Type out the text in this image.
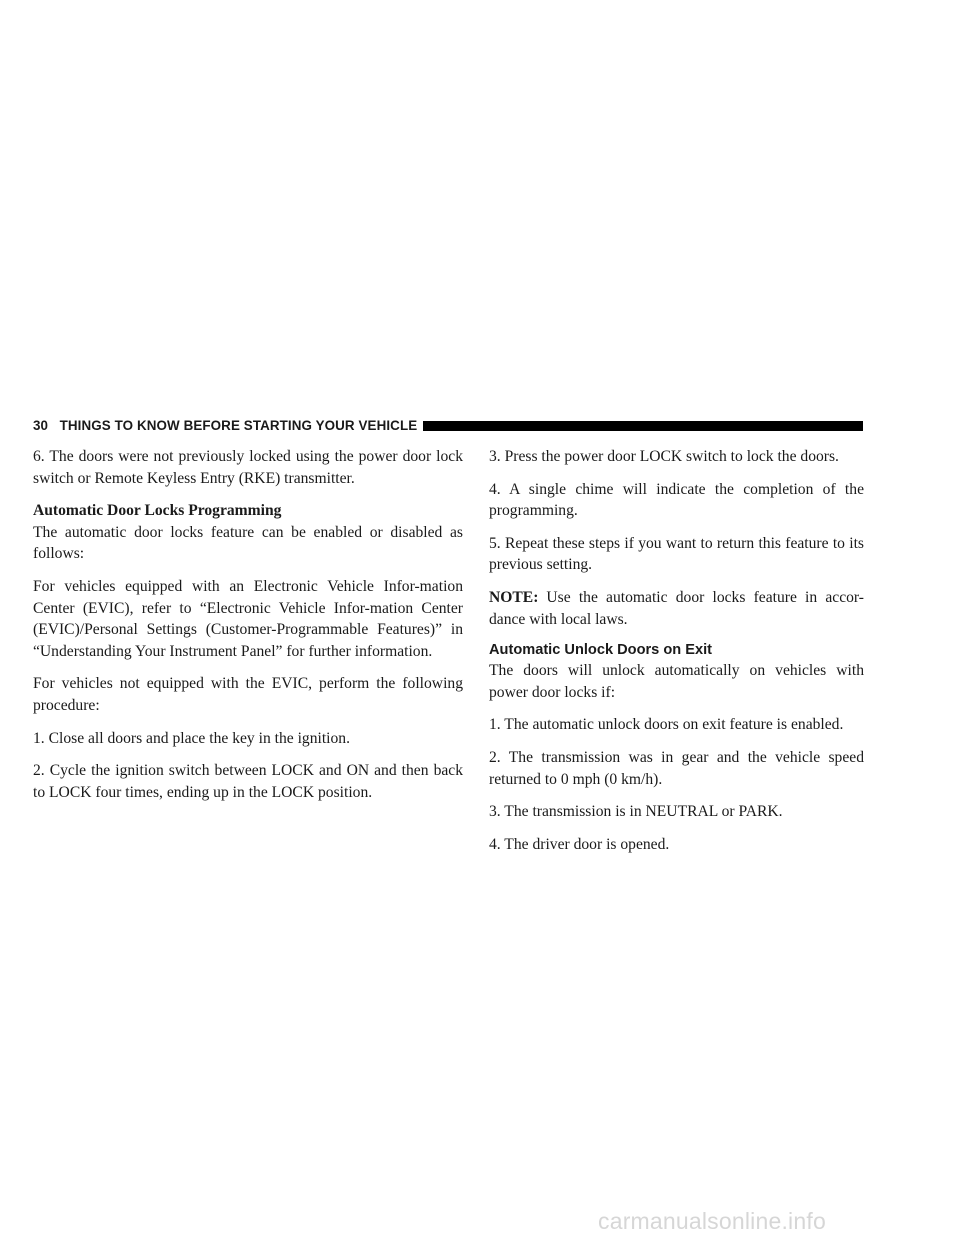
30 THINGS TO KNOW BEFORE STARTING YOUR VEHICLE

6. The doors were not previously locked using the power door lock switch or Remote Keyless Entry (RKE) transmitter.

Automatic Door Locks Programming

The automatic door locks feature can be enabled or disabled as follows:

For vehicles equipped with an Electronic Vehicle Infor-mation Center (EVIC), refer to “Electronic Vehicle Infor-mation Center (EVIC)/Personal Settings (Customer-Programmable Features)” in “Understanding Your Instrument Panel” for further information.

For vehicles not equipped with the EVIC, perform the following procedure:

1. Close all doors and place the key in the ignition.

2. Cycle the ignition switch between LOCK and ON and then back to LOCK four times, ending up in the LOCK position.

3. Press the power door LOCK switch to lock the doors.

4. A single chime will indicate the completion of the programming.

5. Repeat these steps if you want to return this feature to its previous setting.

NOTE: Use the automatic door locks feature in accor-dance with local laws.

Automatic Unlock Doors on Exit

The doors will unlock automatically on vehicles with power door locks if:

1. The automatic unlock doors on exit feature is enabled.

2. The transmission was in gear and the vehicle speed returned to 0 mph (0 km/h).

3. The transmission is in NEUTRAL or PARK.

4. The driver door is opened.

carmanualsonline.info
